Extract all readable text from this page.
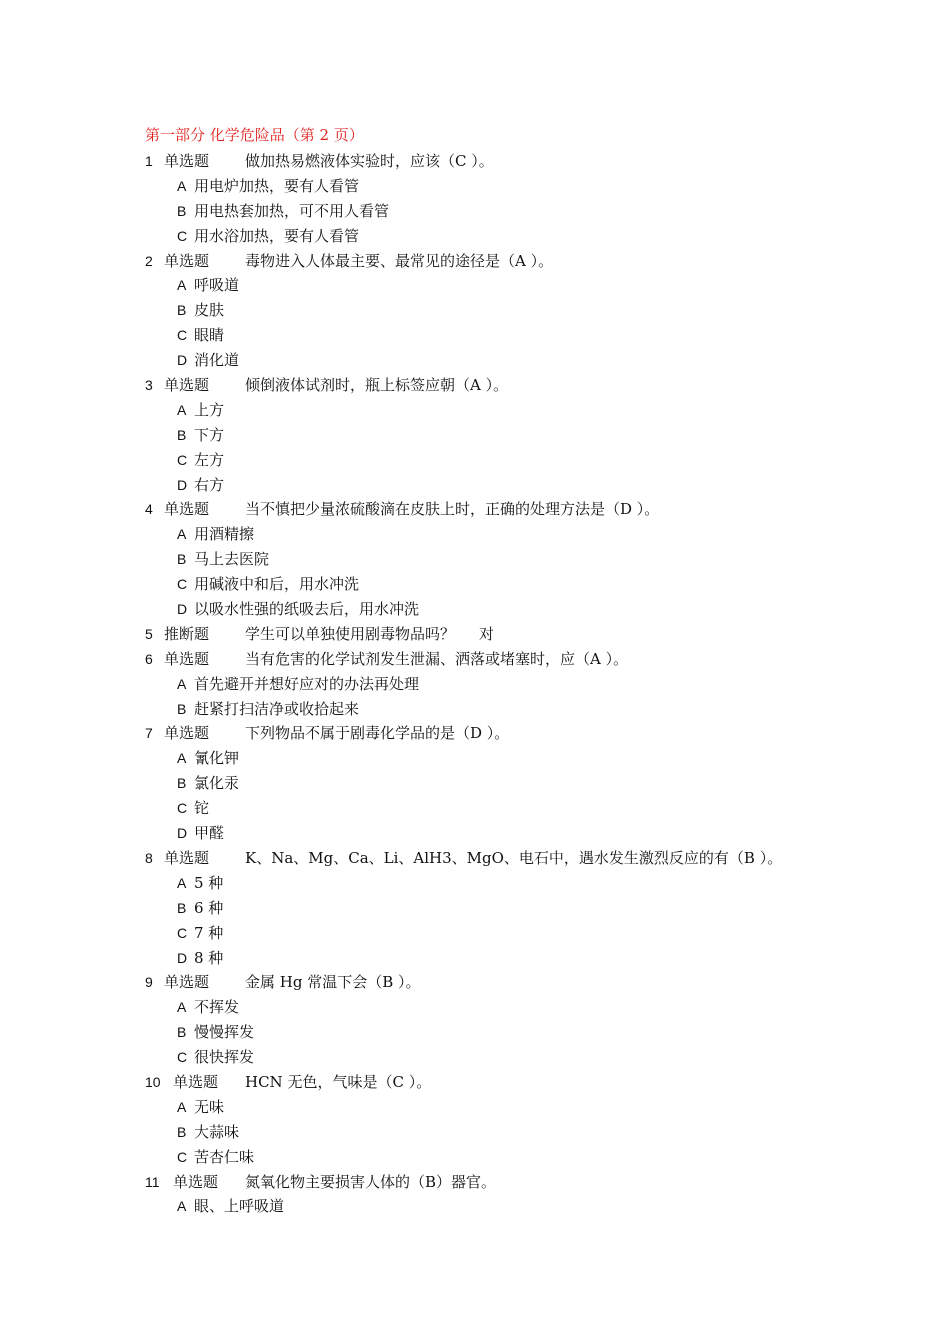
第一部分 化学危险品（第 2 页）
1 单选题 做加热易燃液体实验时，应该（C ）。
A 用电炉加热，要有人看管
B 用电热套加热，可不用人看管
C 用水浴加热，要有人看管
2 单选题 毒物进入人体最主要、最常见的途径是（A ）。
A 呼吸道
B 皮肤
C 眼睛
D 消化道
3 单选题 倾倒液体试剂时，瓶上标签应朝（A ）。
A 上方
B 下方
C 左方
D 右方
4 单选题 当不慎把少量浓硫酸滴在皮肤上时，正确的处理方法是（D ）。
A 用酒精擦
B 马上去医院
C 用碱液中和后，用水冲洗
D 以吸水性强的纸吸去后，用水冲洗
5 推断题 学生可以单独使用剧毒物品吗？ 对
6 单选题 当有危害的化学试剂发生泄漏、洒落或堵塞时，应（A ）。
A 首先避开并想好应对的办法再处理
B 赶紧打扫洁净或收拾起来
7 单选题 下列物品不属于剧毒化学品的是（D ）。
A 氰化钾
B 氯化汞
C 铊
D 甲醛
8 单选题 K、Na、Mg、Ca、Li、AlH3、MgO、电石中，遇水发生激烈反应的有（B ）。
A 5 种
B 6 种
C 7 种
D 8 种
9 单选题 金属 Hg 常温下会（B ）。
A 不挥发
B 慢慢挥发
C 很快挥发
10 单选题 HCN 无色，气味是（C ）。
A 无味
B 大蒜味
C 苦杏仁味
11 单选题 氮氧化物主要损害人体的（B）器官。
A 眼、上呼吸道
